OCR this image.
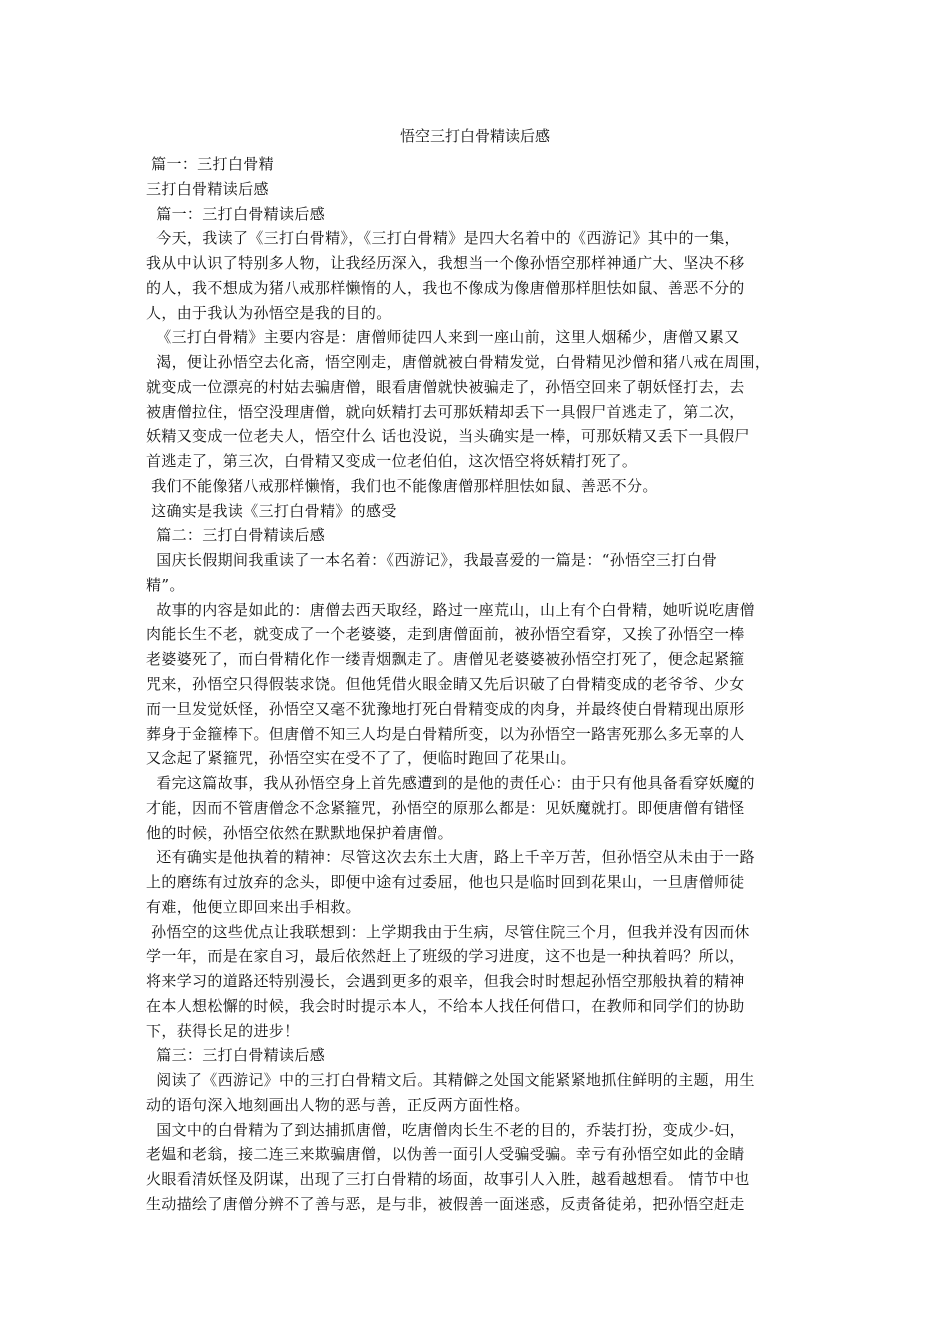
悟空三打白骨精读后感
篇一：三打白骨精
三打白骨精读后感
篇一：三打白骨精读后感
今天，我读了《三打白骨精》，《三打白骨精》是四大名着中的《西游记》其中的一集，
我从中认识了特别多人物，让我经历深入，我想当一个像孙悟空那样神通广大、坚决不移
的人，我不想成为猪八戒那样懒惰的人，我也不像成为像唐僧那样胆怯如鼠、善恶不分的
人，由于我认为孙悟空是我的目的。
《三打白骨精》主要内容是：唐僧师徒四人来到一座山前，这里人烟稀少，唐僧又累又
渴，便让孙悟空去化斋，悟空刚走，唐僧就被白骨精发觉，白骨精见沙僧和猪八戒在周围，
就变成一位漂亮的村姑去骗唐僧，眼看唐僧就快被骗走了，孙悟空回来了朝妖怪打去，去
被唐僧拉住，悟空没理唐僧，就向妖精打去可那妖精却丢下一具假尸首逃走了，第二次，
妖精又变成一位老夫人，悟空什么 话也没说，当头确实是一棒，可那妖精又丢下一具假尸
首逃走了，第三次，白骨精又变成一位老伯伯，这次悟空将妖精打死了。
我们不能像猪八戒那样懒惰，我们也不能像唐僧那样胆怯如鼠、善恶不分。
这确实是我读《三打白骨精》的感受
篇二：三打白骨精读后感
国庆长假期间我重读了一本名着：《西游记》，我最喜爱的一篇是：“孙悟空三打白骨
精”。
故事的内容是如此的：唐僧去西天取经，路过一座荒山，山上有个白骨精，她听说吃唐僧
肉能长生不老，就变成了一个老婆婆，走到唐僧面前，被孙悟空看穿，又挨了孙悟空一棒
老婆婆死了，而白骨精化作一缕青烟飘走了。唐僧见老婆婆被孙悟空打死了，便念起紧箍
咒来，孙悟空只得假装求饶。但他凭借火眼金睛又先后识破了白骨精变成的老爷爷、少女
而一旦发觉妖怪，孙悟空又毫不犹豫地打死白骨精变成的肉身，并最终使白骨精现出原形
葬身于金箍棒下。但唐僧不知三人均是白骨精所变，以为孙悟空一路害死那么多无辜的人
又念起了紧箍咒，孙悟空实在受不了了，便临时跑回了花果山。
看完这篇故事，我从孙悟空身上首先感遭到的是他的责任心：由于只有他具备看穿妖魔的
才能，因而不管唐僧念不念紧箍咒，孙悟空的原那么都是：见妖魔就打。即便唐僧有错怪
他的时候，孙悟空依然在默默地保护着唐僧。
还有确实是他执着的精神：尽管这次去东土大唐，路上千辛万苦，但孙悟空从未由于一路
上的磨练有过放弃的念头，即便中途有过委屈，他也只是临时回到花果山，一旦唐僧师徒
有难，他便立即回来出手相救。
孙悟空的这些优点让我联想到：上学期我由于生病，尽管住院三个月，但我并没有因而休
学一年，而是在家自习，最后依然赶上了班级的学习进度，这不也是一种执着吗？所以，
将来学习的道路还特别漫长，会遇到更多的艰辛，但我会时时想起孙悟空那般执着的精神
在本人想松懈的时候，我会时时提示本人，不给本人找任何借口，在教师和同学们的协助
下，获得长足的进步！
篇三：三打白骨精读后感
阅读了《西游记》中的三打白骨精文后。其精僻之处国文能紧紧地抓住鲜明的主题，用生
动的语句深入地刻画出人物的恶与善，正反两方面性格。
国文中的白骨精为了到达捕抓唐僧，吃唐僧肉长生不老的目的，乔装打扮，变成少-妇，
老媪和老翁，接二连三来欺骗唐僧，以伪善一面引人受骗受骗。幸亏有孙悟空如此的金睛
火眼看清妖怪及阴谋，出现了三打白骨精的场面，故事引人入胜，越看越想看。 情节中也
生动描绘了唐僧分辨不了善与恶，是与非，被假善一面迷惑，反责备徒弟，把孙悟空赶走
